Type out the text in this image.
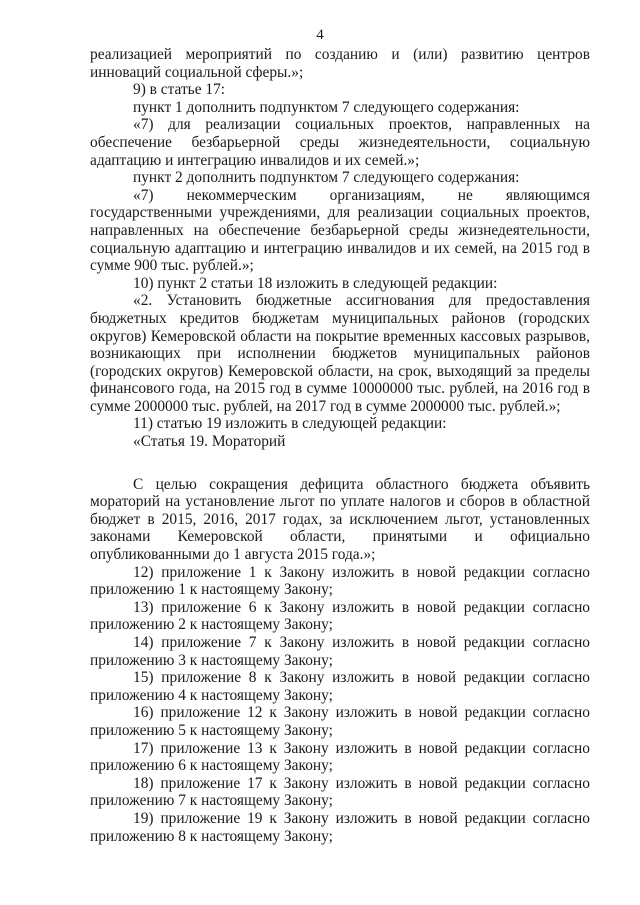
4

реализацией мероприятий по созданию и (или) развитию центров инноваций социальной сферы.»;

9) в статье 17:

пункт 1 дополнить подпунктом 7 следующего содержания:

«7) для реализации социальных проектов, направленных на обеспечение безбарьерной среды жизнедеятельности, социальную адаптацию и интеграцию инвалидов и их семей.»;

пункт 2 дополнить подпунктом 7 следующего содержания:

«7) некоммерческим организациям, не являющимся государственными учреждениями, для реализации социальных проектов, направленных на обеспечение безбарьерной среды жизнедеятельности, социальную адаптацию и интеграцию инвалидов и их семей, на 2015 год в сумме 900 тыс. рублей.»;

10) пункт 2 статьи 18 изложить в следующей редакции:

«2. Установить бюджетные ассигнования для предоставления бюджетных кредитов бюджетам муниципальных районов (городских округов) Кемеровской области на покрытие временных кассовых разрывов, возникающих при исполнении бюджетов муниципальных районов (городских округов) Кемеровской области, на срок, выходящий за пределы финансового года, на 2015 год в сумме 10000000 тыс. рублей, на 2016 год в сумме 2000000 тыс. рублей, на 2017 год в сумме 2000000 тыс. рублей.»;

11) статью 19 изложить в следующей редакции:

«Статья 19. Мораторий

С целью сокращения дефицита областного бюджета объявить мораторий на установление льгот по уплате налогов и сборов в областной бюджет в 2015, 2016, 2017 годах, за исключением льгот, установленных законами Кемеровской области, принятыми и официально опубликованными до 1 августа 2015 года.»;

12) приложение 1 к Закону изложить в новой редакции согласно
приложению 1 к настоящему Закону;

13) приложение 6 к Закону изложить в новой редакции согласно
приложению 2 к настоящему Закону;

14) приложение 7 к Закону изложить в новой редакции согласно
приложению 3 к настоящему Закону;

15) приложение 8 к Закону изложить в новой редакции согласно
приложению 4 к настоящему Закону;

16) приложение 12 к Закону изложить в новой редакции согласно
приложению 5 к настоящему Закону;

17) приложение 13 к Закону изложить в новой редакции согласно
приложению 6 к настоящему Закону;

18) приложение 17 к Закону изложить в новой редакции согласно
приложению 7 к настоящему Закону;

19) приложение 19 к Закону изложить в новой редакции согласно
приложению 8 к настоящему Закону;
